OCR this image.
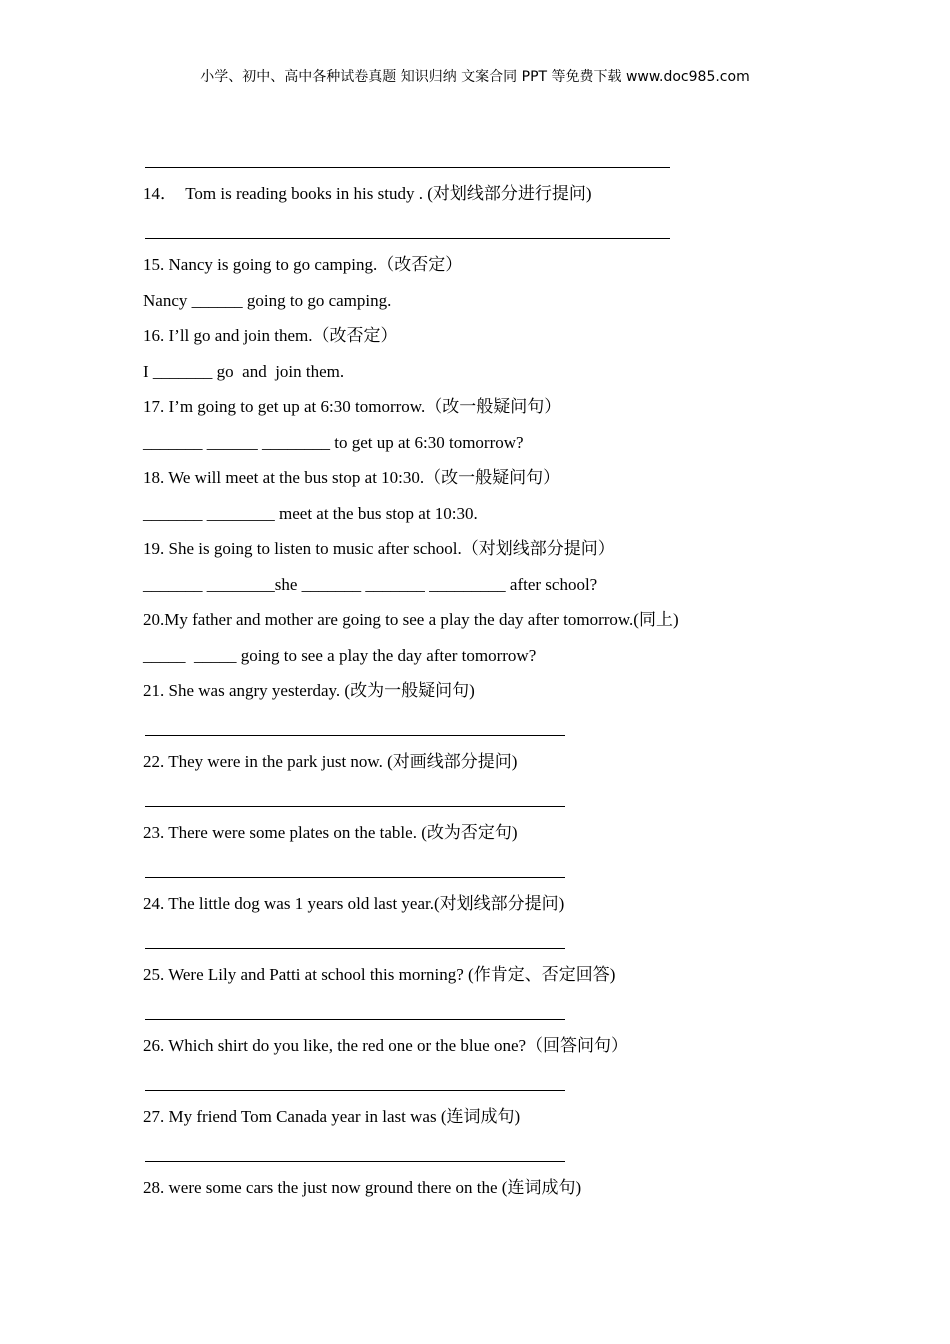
小学、初中、高中各种试卷真题 知识归纳 文案合同 PPT 等免费下载 www.doc985.com
14．  Tom is reading books in his study . (对划线部分进行提问)
15. Nancy is going to go camping.（改否定）
Nancy ______ going to go camping.
16. I’ll go and join them.（改否定）
I _______ go  and  join them.
17. I’m going to get up at 6:30 tomorrow.（改一般疑问句）
_______ ______ ________ to get up at 6:30 tomorrow?
18. We will meet at the bus stop at 10:30.（改一般疑问句）
_______ ________ meet at the bus stop at 10:30.
19. She is going to listen to music after school.（对划线部分提问）
_______ ________she _______ _______ _________ after school?
20.My father and mother are going to see a play the day after tomorrow.(同上)
_____  _____ going to see a play the day after tomorrow?
21. She was angry yesterday. (改为一般疑问句)
22. They were in the park just now. (对画线部分提问)
23. There were some plates on the table. (改为否定句)
24. The little dog was 1 years old last year.(对划线部分提问)
25. Were Lily and Patti at school this morning? (作肯定、否定回答)
26. Which shirt do you like, the red one or the blue one?（回答问句）
27. My friend Tom Canada year in last was (连词成句)
28. were some cars the just now ground there on the (连词成句)
